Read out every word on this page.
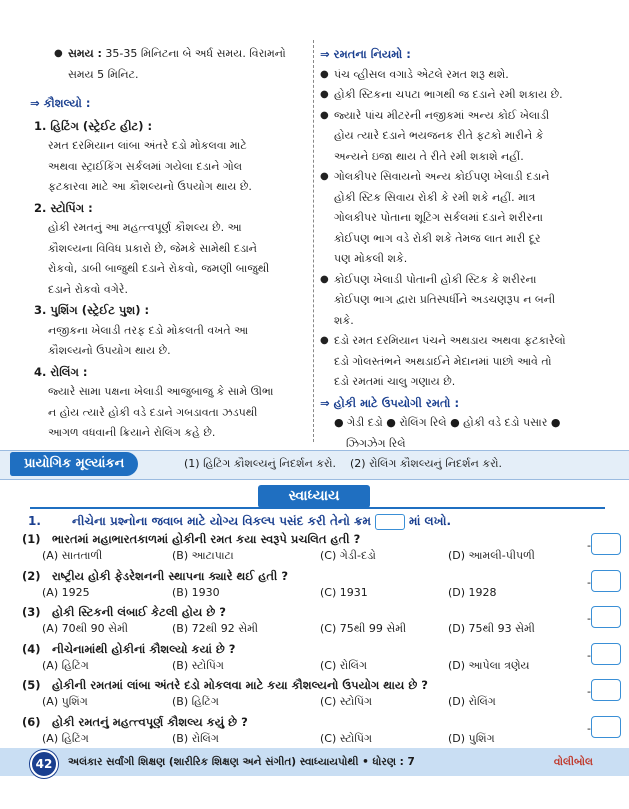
● સમય : 35-35 મિનિટના બે અર્ધ સમય. વિરામનો

સમય 5 મિનિટ.

⇒ કૌશલ્યો :

1. હિટિંગ (સ્ટ્રેઈટ હીટ) :

રમત દરમિયાન લાંબા અંતરે દડો મોકલવા માટે

અથવા સ્ટ્રાઈકિંગ સર્કલમાં ગયેલા દડાને ગોલ

ફટકારવા માટે આ કૌશલ્યનો ઉપયોગ થાય છે.

2. સ્ટોપિંગ :

હોકી રમતનું આ મહત્ત્વપૂર્ણ કૌશલ્ય છે. આ

કૌશલ્યના વિવિધ પ્રકારો છે, જેમકે સામેથી દડાને

રોકવો, ડાબી બાજુથી દડાને રોકવો, જમણી બાજુથી

દડાને રોકવો વગેરે.

3. પુશિંગ (સ્ટ્રેઈટ પુશ) :

નજીકના ખેલાડી તરફ દડો મોકલતી વખતે આ

કૌશલ્યનો ઉપયોગ થાય છે.

4. રોલિંગ :

જ્યારે સામા પક્ષના ખેલાડી આજુબાજુ કે સામે ઊભા

ન હોય ત્યારે હોકી વડે દડાને ગબડાવતા ઝડપથી

આગળ વધવાની ક્રિયાને રોલિંગ કહે છે.

⇒ રમતના નિયમો :

● પંચ વ્હીસલ વગાડે એટલે રમત શરૂ થશે.

● હોકી સ્ટિકના ચપટા ભાગથી જ દડાને રમી શકાય છે.

● જ્યારે પાંચ મીટરની નજીકમાં અન્ય કોઈ ખેલાડી

હોય ત્યારે દડાને ભયજનક રીતે ફટકો મારીને કે

અન્યને ઇજા થાય તે રીતે રમી શકાશે નહીં.

● ગોલકીપર સિવાયનો અન્ય કોઈપણ ખેલાડી દડાને

હોકી સ્ટિક સિવાય રોકી કે રમી શકે નહીં. માત્ર

ગોલકીપર પોતાના શૂટિંગ સર્કલમાં દડાને શરીરના

કોઈપણ ભાગ વડે રોકી શકે તેમજ લાત મારી દૂર

પણ મોકલી શકે.

● કોઈપણ ખેલાડી પોતાની હોકી સ્ટિક કે શરીરના

કોઈપણ ભાગ દ્વારા પ્રતિસ્પર્ધીને અડચણરૂપ ન બની

શકે.

● દડો રમત દરમિયાન પંચને અથડાય અથવા ફટકારેલો

દડો ગોલસ્તંભને અથડાઈને મેદાનમાં પાછો આવે તો

દડો રમતમાં ચાલુ ગણાય છે.

⇒ હોકી માટે ઉપયોગી રમતો :

● ગેડી દડો ● રોલિંગ રિલે ● હોકી વડે દડો પસાર ●

ઝિગઝેગ રિલે

પ્રાયોગિક મૂલ્યાંકન	(1) હિટિંગ કૌશલ્યનું નિદર્શન કરો. (2) રોલિંગ કૌશલ્યનું નિદર્શન કરો.
સ્વાધ્યાય
1.	નીચેના પ્રશ્નોના જવાબ માટે યોગ્ય વિકલ્પ પસંદ કરી તેનો ક્રમ	માં લખો.
(1) ભારતમાં મહાભારતકાળમાં હોકીની રમત કયા સ્વરૂપે પ્રચલિત હતી ?
(A) સાતતાળી	(B) આટાપાટા	(C) ગેડી-દડો	(D) આમલી-પીપળી
-
(2) રાષ્ટ્રીય હોકી ફેડરેશનની સ્થાપના ક્યારે થઈ હતી ?
(A) 1925	(B) 1930	(C) 1931	(D) 1928
-
(3) હોકી સ્ટિકની લંબાઈ કેટલી હોય છે ?
(A) 70થી 90 સેમી	(B) 72થી 92 સેમી	(C) 75થી 99 સેમી	(D) 75થી 93 સેમી
-
(4) નીચેનામાંથી હોકીનાં કૌશલ્યો કયાં છે ?
(A) હિટિંગ	(B) સ્ટોપિંગ	(C) રોલિંગ	(D) આપેલા ત્રણેય
-
(5) હોકીની રમતમાં લાંબા અંતરે દડો મોકલવા માટે કયા કૌશલ્યનો ઉપયોગ થાય છે ?
(A) પુશિંગ	(B) હિટિંગ	(C) સ્ટોપિંગ	(D) રોલિંગ
-
(6) હોકી રમતનું મહત્ત્વપૂર્ણ કૌશલ્ય કયું છે ?
(A) હિટિંગ	(B) રોલિંગ	(C) સ્ટોપિંગ	(D) પુશિંગ
-
42	અલંકાર સર્વાંગી શિક્ષણ (શારીરિક શિક્ષણ અને સંગીત) સ્વાધ્યાયપોથી • ધોરણ : 7	વોલીબોલ
